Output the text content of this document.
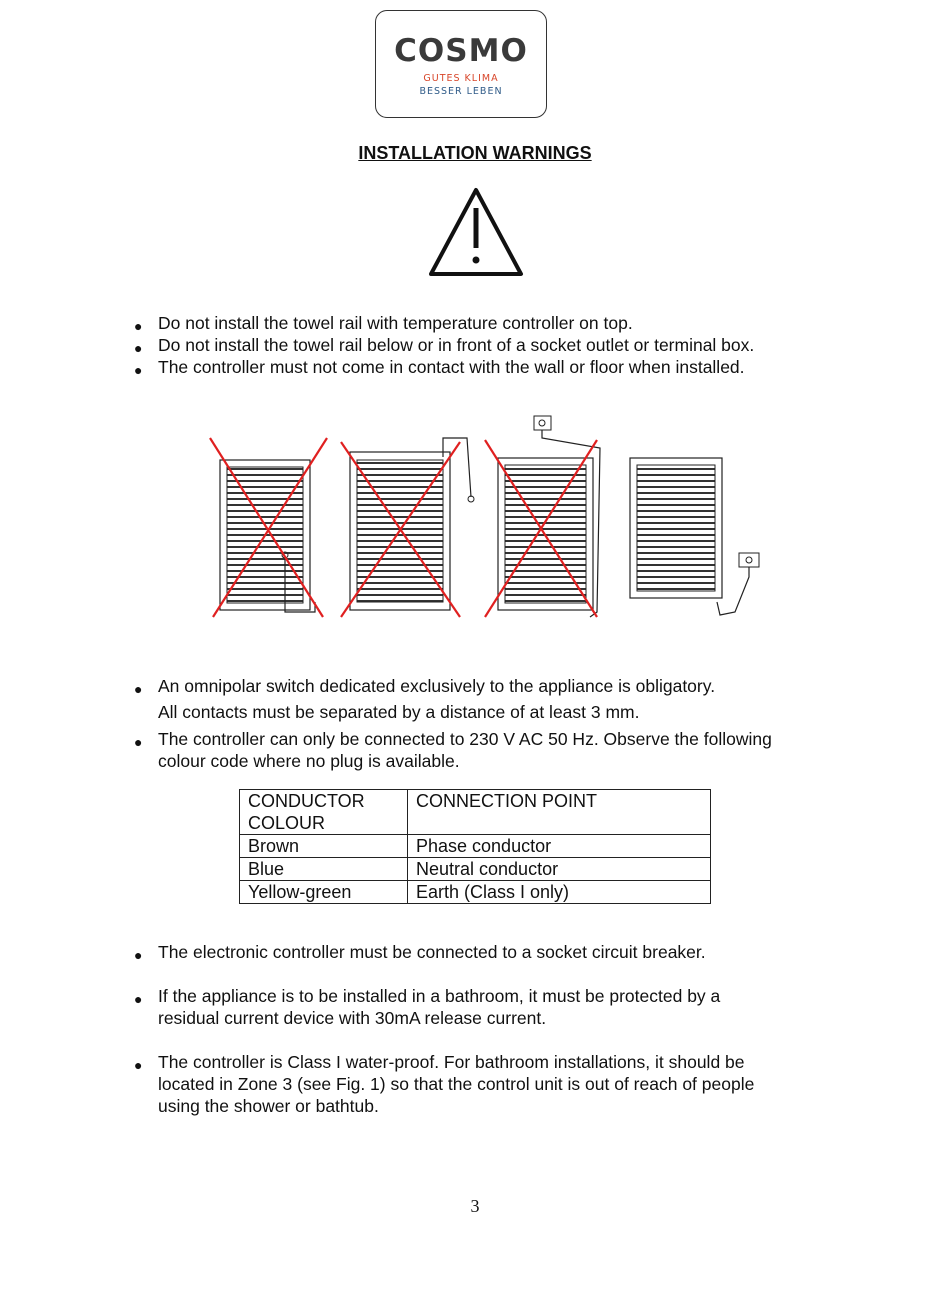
COSMO
GUTES KLIMA
BESSER LEBEN
INSTALLATION WARNINGS
● Do not install the towel rail with temperature controller on top.
● Do not install the towel rail below or in front of a socket outlet or terminal box.
● The controller must not come in contact with the wall or floor when installed.
● An omnipolar switch dedicated exclusively to the appliance is obligatory.
All contacts must be separated by a distance of at least 3 mm.
● The controller can only be connected to 230 V AC 50 Hz. Observe the following
colour code where no plug is available.
CONDUCTOR
COLOUR	CONNECTION POINT
Brown	Phase conductor
Blue	Neutral conductor
Yellow-green	Earth (Class I only)
● The electronic controller must be connected to a socket circuit breaker.
● If the appliance is to be installed in a bathroom, it must be protected by a
residual current device with 30mA release current.
● The controller is Class I water-proof. For bathroom installations, it should be
located in Zone 3 (see Fig. 1) so that the control unit is out of reach of people
using the shower or bathtub.
3
